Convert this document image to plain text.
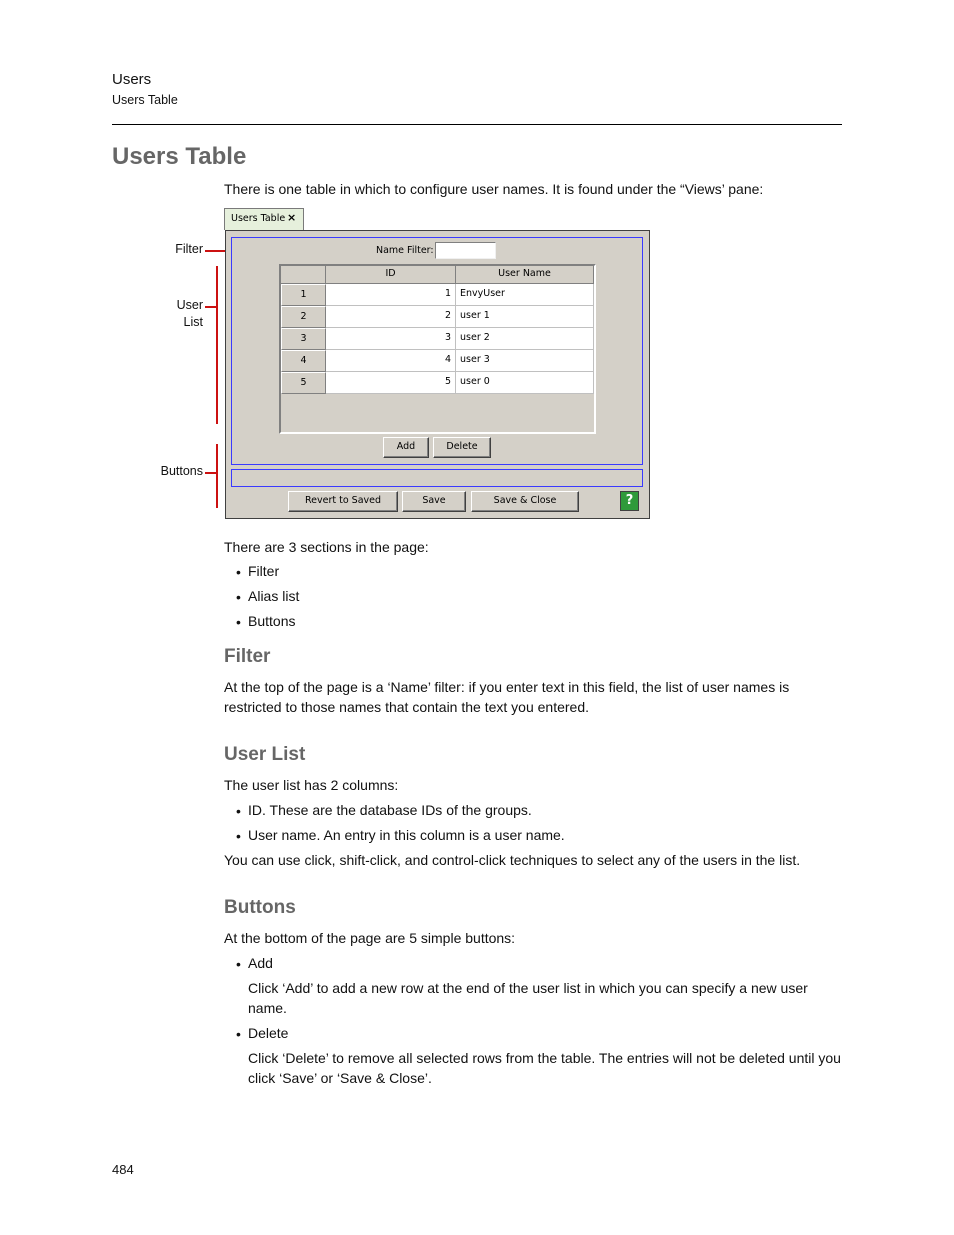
Users
Users Table
Users Table
There is one table in which to configure user names. It is found under the “Views’ pane:
Filter
User
List
Buttons
Users Table ×
Name Filter:
ID	User Name
1	1 EnvyUser
2	2 user 1
3	3 user 2
4	4 user 3
5	5 user 0
Add	Delete
Revert to Saved	Save	Save & Close	?
There are 3 sections in the page:
• Filter
• Alias list
• Buttons
Filter
At the top of the page is a ‘Name’ filter: if you enter text in this field, the list of user names is restricted to those names that contain the text you entered.
User List
The user list has 2 columns:
• ID. These are the database IDs of the groups.
• User name. An entry in this column is a user name.
You can use click, shift-click, and control-click techniques to select any of the users in the list.
Buttons
At the bottom of the page are 5 simple buttons:
• Add
Click ‘Add’ to add a new row at the end of the user list in which you can specify a new user name.
• Delete
Click ‘Delete’ to remove all selected rows from the table. The entries will not be deleted until you click ‘Save’ or ‘Save & Close’.
484
